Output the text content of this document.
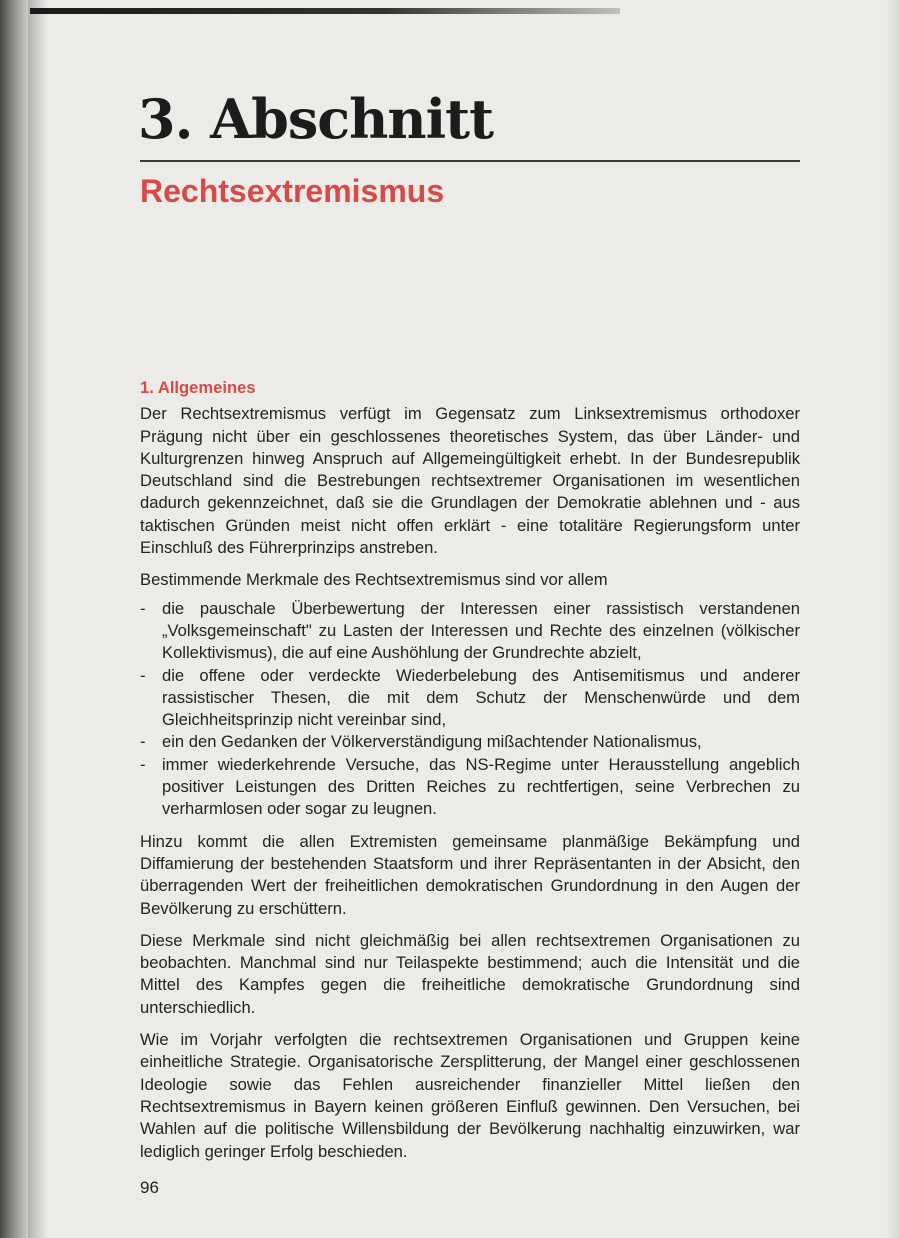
3. Abschnitt
Rechtsextremismus
1. Allgemeines

Der Rechtsextremismus verfügt im Gegensatz zum Linksextremismus orthodoxer Prägung nicht über ein geschlossenes theoretisches System, das über Länder- und Kulturgrenzen hinweg Anspruch auf Allgemeingültigkeit erhebt. In der Bundesrepublik Deutschland sind die Bestrebungen rechtsextremer Organisationen im wesentlichen dadurch gekennzeichnet, daß sie die Grundlagen der Demokratie ablehnen und - aus taktischen Gründen meist nicht offen erklärt - eine totalitäre Regierungsform unter Einschluß des Führerprinzips anstreben.

Bestimmende Merkmale des Rechtsextremismus sind vor allem

- die pauschale Überbewertung der Interessen einer rassistisch verstandenen „Volksgemeinschaft" zu Lasten der Interessen und Rechte des einzelnen (völkischer Kollektivismus), die auf eine Aushöhlung der Grundrechte abzielt,
- die offene oder verdeckte Wiederbelebung des Antisemitismus und anderer rassistischer Thesen, die mit dem Schutz der Menschenwürde und dem Gleichheitsprinzip nicht vereinbar sind,
- ein den Gedanken der Völkerverständigung mißachtender Nationalismus,
- immer wiederkehrende Versuche, das NS-Regime unter Herausstellung angeblich positiver Leistungen des Dritten Reiches zu rechtfertigen, seine Verbrechen zu verharmlosen oder sogar zu leugnen.

Hinzu kommt die allen Extremisten gemeinsame planmäßige Bekämpfung und Diffamierung der bestehenden Staatsform und ihrer Repräsentanten in der Absicht, den überragenden Wert der freiheitlichen demokratischen Grundordnung in den Augen der Bevölkerung zu erschüttern.

Diese Merkmale sind nicht gleichmäßig bei allen rechtsextremen Organisationen zu beobachten. Manchmal sind nur Teilaspekte bestimmend; auch die Intensität und die Mittel des Kampfes gegen die freiheitliche demokratische Grundordnung sind unterschiedlich.

Wie im Vorjahr verfolgten die rechtsextremen Organisationen und Gruppen keine einheitliche Strategie. Organisatorische Zersplitterung, der Mangel einer geschlossenen Ideologie sowie das Fehlen ausreichender finanzieller Mittel ließen den Rechtsextremismus in Bayern keinen größeren Einfluß gewinnen. Den Versuchen, bei Wahlen auf die politische Willensbildung der Bevölkerung nachhaltig einzuwirken, war lediglich geringer Erfolg beschieden.

96
